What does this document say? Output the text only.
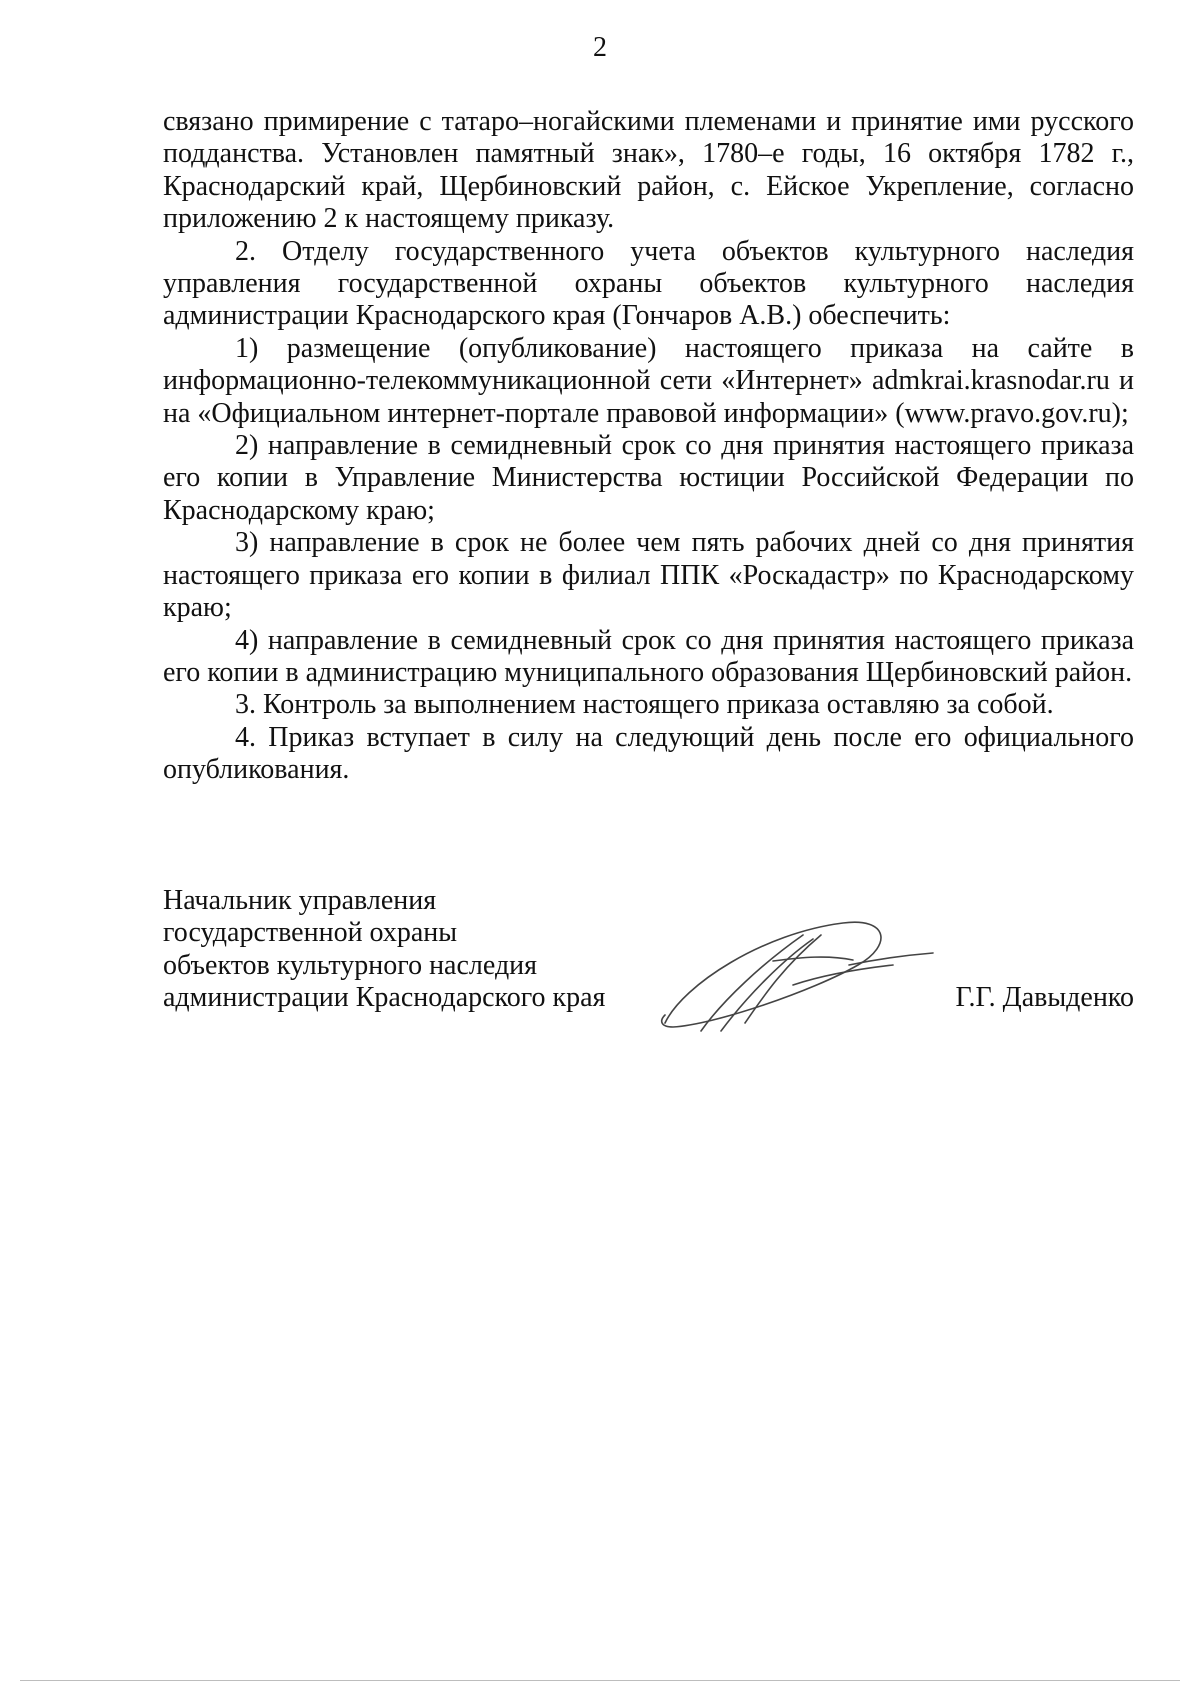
2

связано примирение с татаро–ногайскими племенами и принятие ими русского подданства. Установлен памятный знак», 1780–е годы, 16 октября 1782 г., Краснодарский край, Щербиновский район, с. Ейское Укрепление, согласно приложению 2 к настоящему приказу.

2. Отделу государственного учета объектов культурного наследия управления государственной охраны объектов культурного наследия администрации Краснодарского края (Гончаров А.В.) обеспечить:

1) размещение (опубликование) настоящего приказа на сайте в информационно-телекоммуникационной сети «Интернет» admkrai.krasnodar.ru и на «Официальном интернет-портале правовой информации» (www.pravo.gov.ru);

2) направление в семидневный срок со дня принятия настоящего приказа его копии в Управление Министерства юстиции Российской Федерации по Краснодарскому краю;

3) направление в срок не более чем пять рабочих дней со дня принятия настоящего приказа его копии в филиал ППК «Роскадастр» по Краснодарскому краю;

4) направление в семидневный срок со дня принятия настоящего приказа его копии в администрацию муниципального образования Щербиновский район.

3. Контроль за выполнением настоящего приказа оставляю за собой.

4. Приказ вступает в силу на следующий день после его официального опубликования.

Начальник управления
государственной охраны
объектов культурного наследия
администрации Краснодарского края	Г.Г. Давыденко
